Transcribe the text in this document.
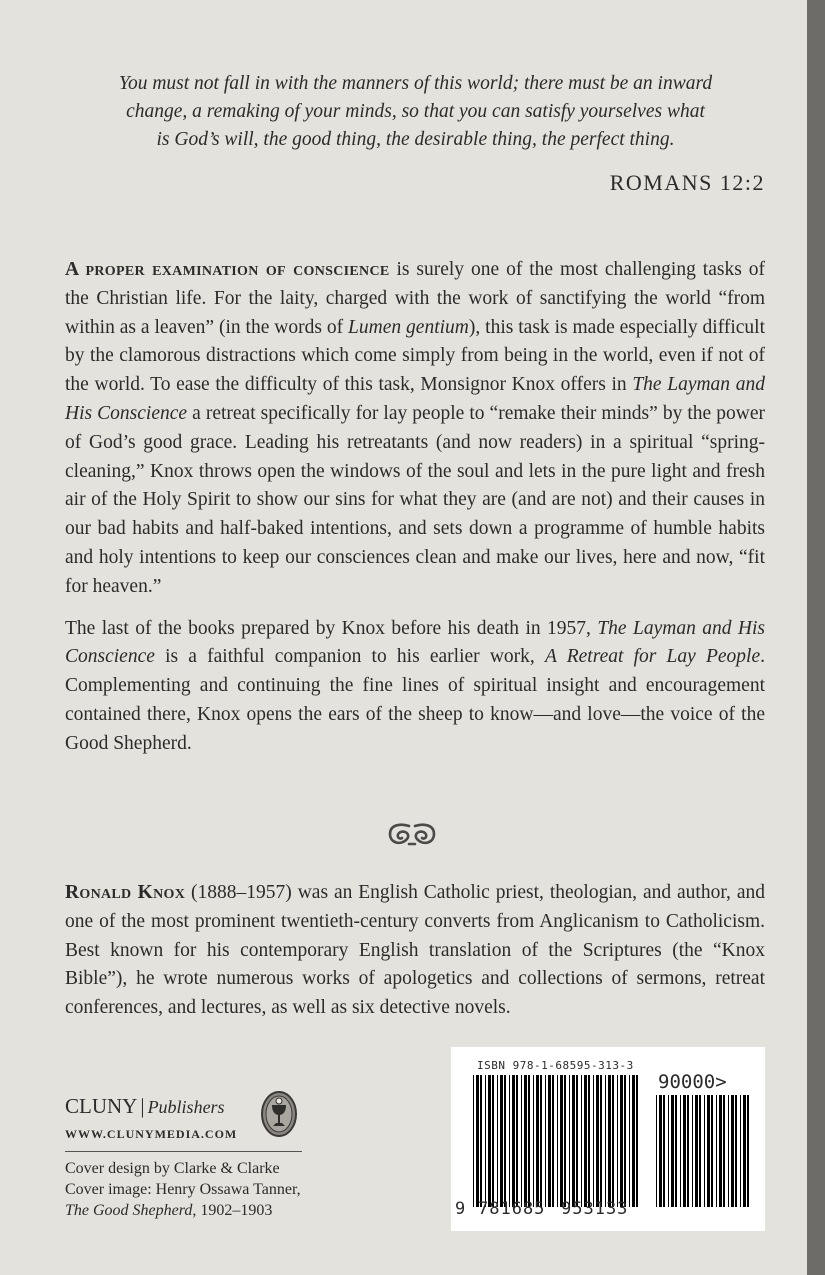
You must not fall in with the manners of this world; there must be an inward
change, a remaking of your minds, so that you can satisfy yourselves what
is God’s will, the good thing, the desirable thing, the perfect thing.
ROMANS 12:2

A proper examination of conscience is surely one of the most challenging tasks of the Christian life. For the laity, charged with the work of sanctifying the world “from within as a leaven” (in the words of Lumen gentium), this task is made especially difficult by the clamorous distractions which come simply from being in the world, even if not of the world. To ease the difficulty of this task, Monsignor Knox offers in The Layman and His Conscience a retreat specifically for lay people to “remake their minds” by the power of God’s good grace. Leading his retreatants (and now readers) in a spiritual “spring-cleaning,” Knox throws open the windows of the soul and lets in the pure light and fresh air of the Holy Spirit to show our sins for what they are (and are not) and their causes in our bad habits and half-baked intentions, and sets down a programme of humble habits and holy intentions to keep our consciences clean and make our lives, here and now, “fit for heaven.”

The last of the books prepared by Knox before his death in 1957, The Layman and His Conscience is a faithful companion to his earlier work, A Retreat for Lay People. Complementing and continuing the fine lines of spiritual insight and encouragement contained there, Knox opens the ears of the sheep to know—and love—the voice of the Good Shepherd.

Ronald Knox (1888–1957) was an English Catholic priest, theologian, and author, and one of the most prominent twentieth-century converts from Anglicanism to Catholicism. Best known for his contemporary English translation of the Scriptures (the “Knox Bible”), he wrote numerous works of apologetics and collections of sermons, retreat conferences, and lectures, as well as six detective novels.

CLUNY | Publishers
WWW.CLUNYMEDIA.COM
Cover design by Clarke & Clarke
Cover image: Henry Ossawa Tanner,
The Good Shepherd, 1902–1903
ISBN 978-1-68595-313-3
90000>
9 781685 953133
